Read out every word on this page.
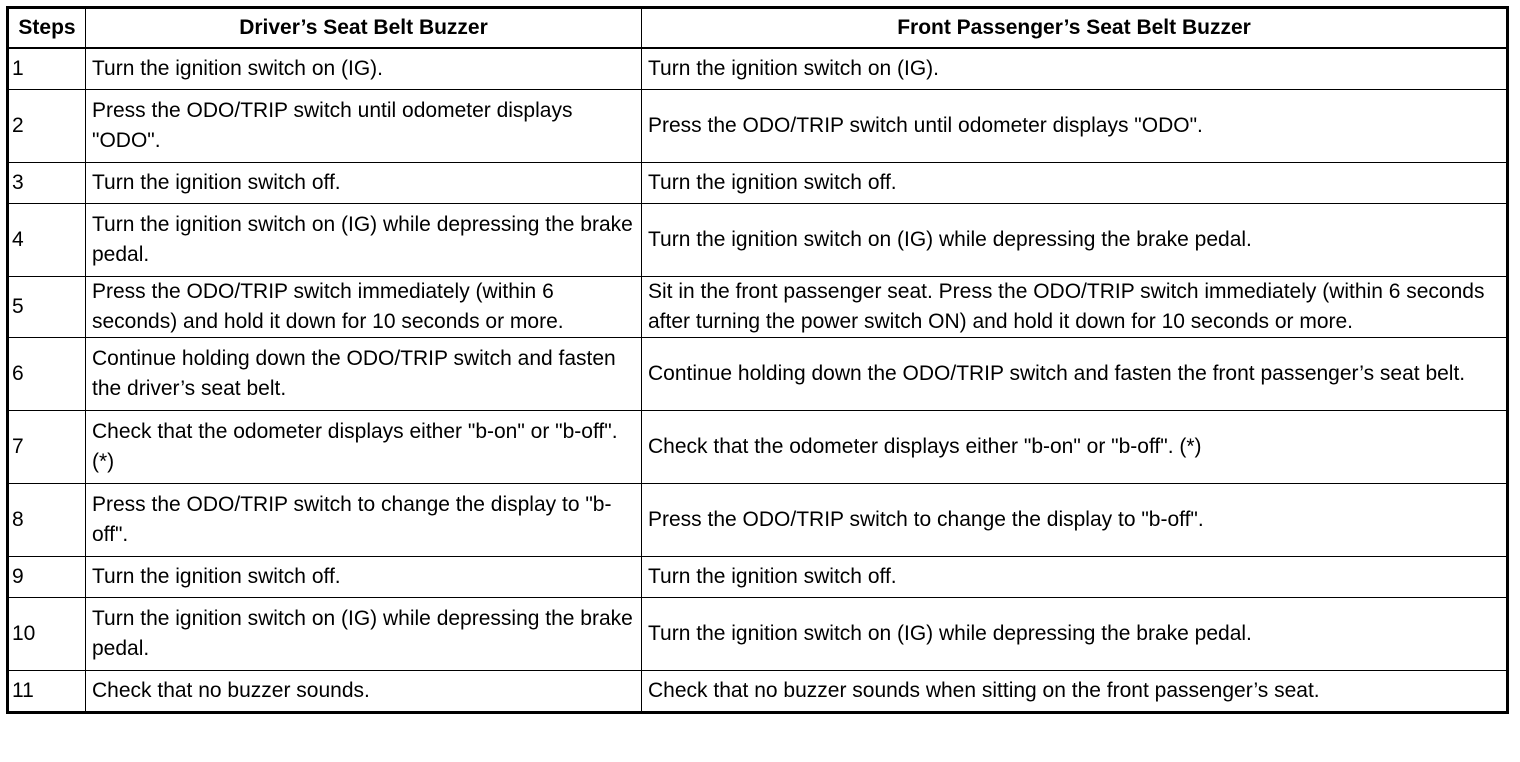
Steps	Driver’s Seat Belt Buzzer	Front Passenger’s Seat Belt Buzzer
1	Turn the ignition switch on (IG).	Turn the ignition switch on (IG).
2	Press the ODO/TRIP switch until odometer displays "ODO".	Press the ODO/TRIP switch until odometer displays "ODO".
3	Turn the ignition switch off.	Turn the ignition switch off.
4	Turn the ignition switch on (IG) while depressing the brake pedal.	Turn the ignition switch on (IG) while depressing the brake pedal.
5	Press the ODO/TRIP switch immediately (within 6 seconds) and hold it down for 10 seconds or more.	Sit in the front passenger seat. Press the ODO/TRIP switch immediately (within 6 seconds after turning the power switch ON) and hold it down for 10 seconds or more.
6	Continue holding down the ODO/TRIP switch and fasten the driver’s seat belt.	Continue holding down the ODO/TRIP switch and fasten the front passenger’s seat belt.
7	Check that the odometer displays either "b-on" or "b-off". (*)	Check that the odometer displays either "b-on" or "b-off". (*)
8	Press the ODO/TRIP switch to change the display to "b-off".	Press the ODO/TRIP switch to change the display to "b-off".
9	Turn the ignition switch off.	Turn the ignition switch off.
10	Turn the ignition switch on (IG) while depressing the brake pedal.	Turn the ignition switch on (IG) while depressing the brake pedal.
11	Check that no buzzer sounds.	Check that no buzzer sounds when sitting on the front passenger’s seat.
